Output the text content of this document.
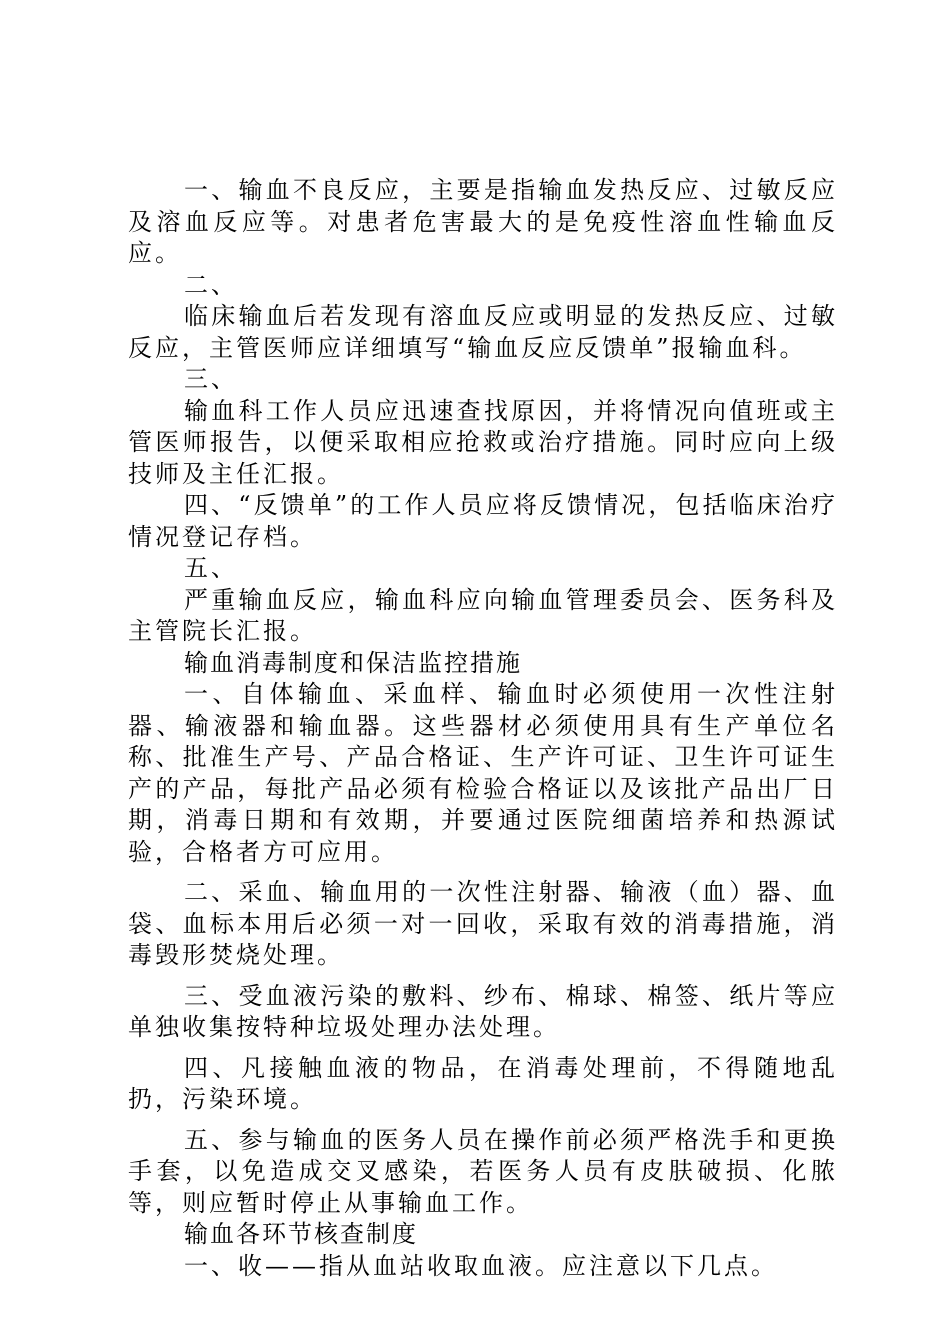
一、输血不良反应，主要是指输血发热反应、过敏反应及溶血反应等。对患者危害最大的是免疫性溶血性输血反应。

二、

临床输血后若发现有溶血反应或明显的发热反应、过敏反应，主管医师应详细填写“输血反应反馈单”报输血科。

三、

输血科工作人员应迅速查找原因，并将情况向值班或主管医师报告，以便采取相应抢救或治疗措施。同时应向上级技师及主任汇报。

四、“反馈单”的工作人员应将反馈情况，包括临床治疗情况登记存档。

五、

严重输血反应，输血科应向输血管理委员会、医务科及主管院长汇报。

输血消毒制度和保洁监控措施

一、自体输血、采血样、输血时必须使用一次性注射器、输液器和输血器。这些器材必须使用具有生产单位名称、批准生产号、产品合格证、生产许可证、卫生许可证生产的产品，每批产品必须有检验合格证以及该批产品出厂日期，消毒日期和有效期，并要通过医院细菌培养和热源试验，合格者方可应用。

二、采血、输血用的一次性注射器、输液（血）器、血袋、血标本用后必须一对一回收，采取有效的消毒措施，消毒毁形焚烧处理。

三、受血液污染的敷料、纱布、棉球、棉签、纸片等应单独收集按特种垃圾处理办法处理。

四、凡接触血液的物品，在消毒处理前，不得随地乱扔，污染环境。

五、参与输血的医务人员在操作前必须严格洗手和更换手套，以免造成交叉感染，若医务人员有皮肤破损、化脓等，则应暂时停止从事输血工作。

输血各环节核查制度

一、收——指从血站收取血液。应注意以下几点。
